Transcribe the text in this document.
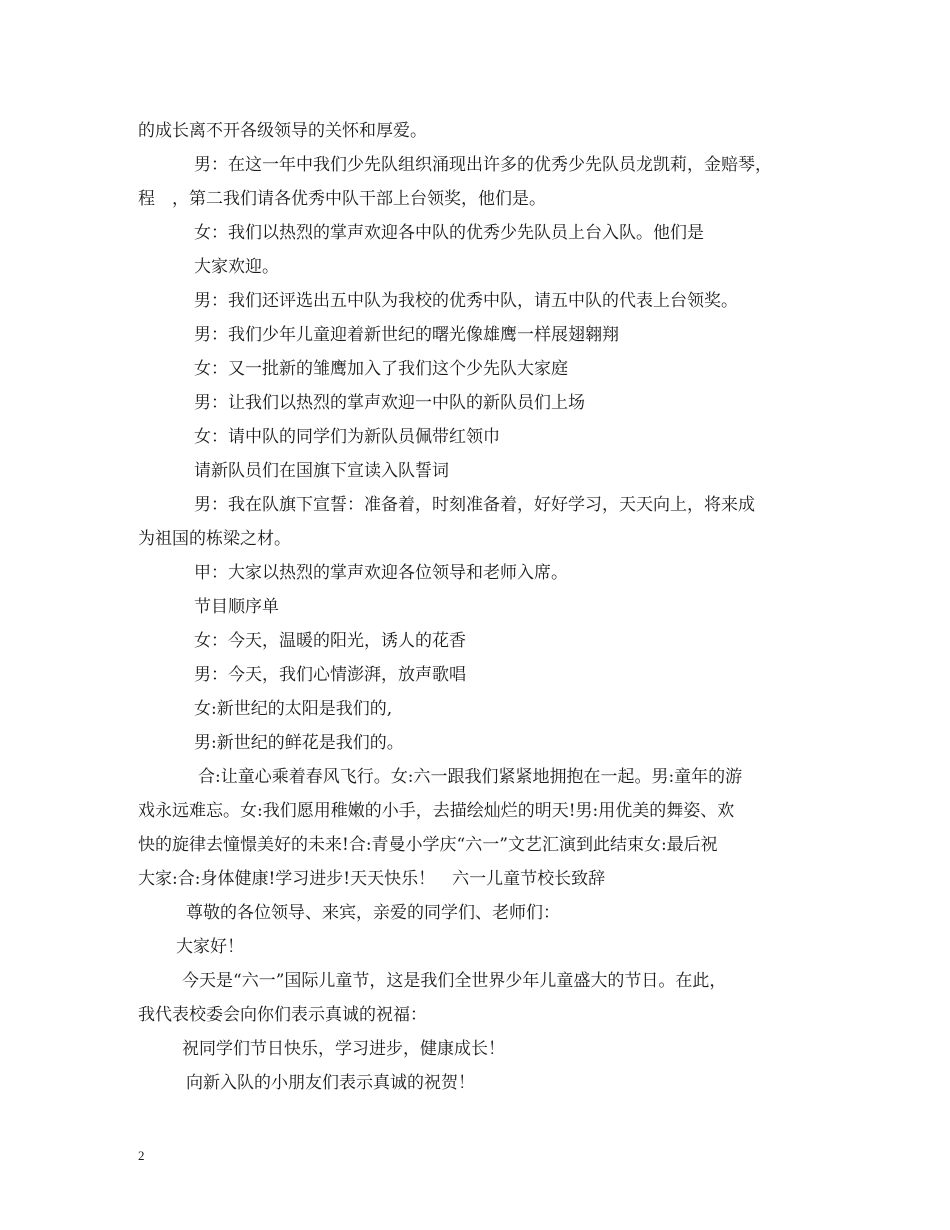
的成长离不开各级领导的关怀和厚爱。
男：在这一年中我们少先队组织涌现出许多的优秀少先队员龙凯莉，金赔琴，
程　，第二我们请各优秀中队干部上台领奖，他们是。
女：我们以热烈的掌声欢迎各中队的优秀少先队员上台入队。他们是
大家欢迎。
男：我们还评选出五中队为我校的优秀中队，请五中队的代表上台领奖。
男：我们少年儿童迎着新世纪的曙光像雄鹰一样展翅翱翔
女：又一批新的雏鹰加入了我们这个少先队大家庭
男：让我们以热烈的掌声欢迎一中队的新队员们上场
女：请中队的同学们为新队员佩带红领巾
请新队员们在国旗下宣读入队誓词
男：我在队旗下宣誓：准备着，时刻准备着，好好学习，天天向上，将来成
为祖国的栋梁之材。
甲：大家以热烈的掌声欢迎各位领导和老师入席。
节目顺序单
女：今天，温暖的阳光，诱人的花香
男：今天，我们心情澎湃，放声歌唱
女:新世纪的太阳是我们的,
男:新世纪的鲜花是我们的。
合:让童心乘着春风飞行。女:六一跟我们紧紧地拥抱在一起。男:童年的游
戏永远难忘。女:我们愿用稚嫩的小手，去描绘灿烂的明天!男:用优美的舞姿、欢
快的旋律去憧憬美好的未来!合:青曼小学庆“六一”文艺汇演到此结束女:最后祝
大家:合:身体健康!学习进步!天天快乐！　六一儿童节校长致辞
尊敬的各位领导、来宾，亲爱的同学们、老师们：
大家好！
今天是“六一”国际儿童节，这是我们全世界少年儿童盛大的节日。在此，
我代表校委会向你们表示真诚的祝福：
祝同学们节日快乐，学习进步，健康成长！
向新入队的小朋友们表示真诚的祝贺！
2
